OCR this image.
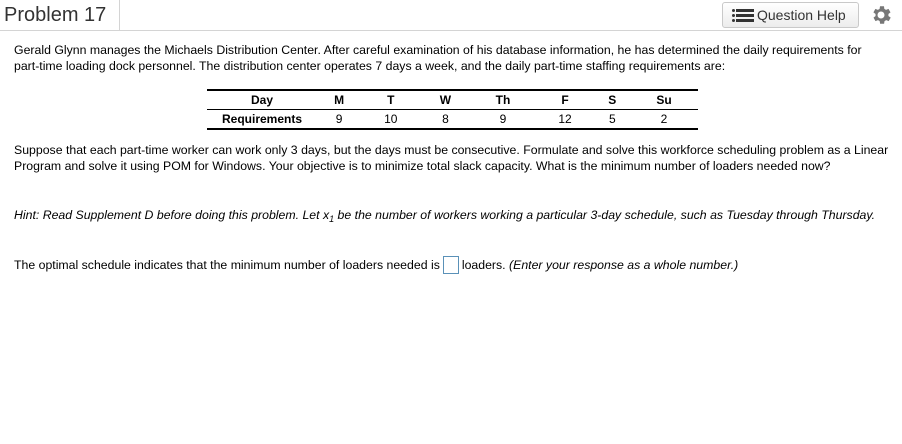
Problem 17	Question Help
Gerald Glynn manages the Michaels Distribution Center. After careful examination of his database information, he has determined the daily requirements for part-time loading dock personnel. The distribution center operates 7 days a week, and the daily part-time staffing requirements are:
Day	M	T	W	Th	F	S	Su
Requirements	9	10	8	9	12	5	2
Suppose that each part-time worker can work only 3 days, but the days must be consecutive. Formulate and solve this workforce scheduling problem as a Linear Program and solve it using POM for Windows. Your objective is to minimize total slack capacity. What is the minimum number of loaders needed now?
Hint: Read Supplement D before doing this problem. Let $x_1$ be the number of workers working a particular 3-day schedule, such as Tuesday through Thursday.
The optimal schedule indicates that the minimum number of loaders needed is loaders. (Enter your response as a whole number.)
